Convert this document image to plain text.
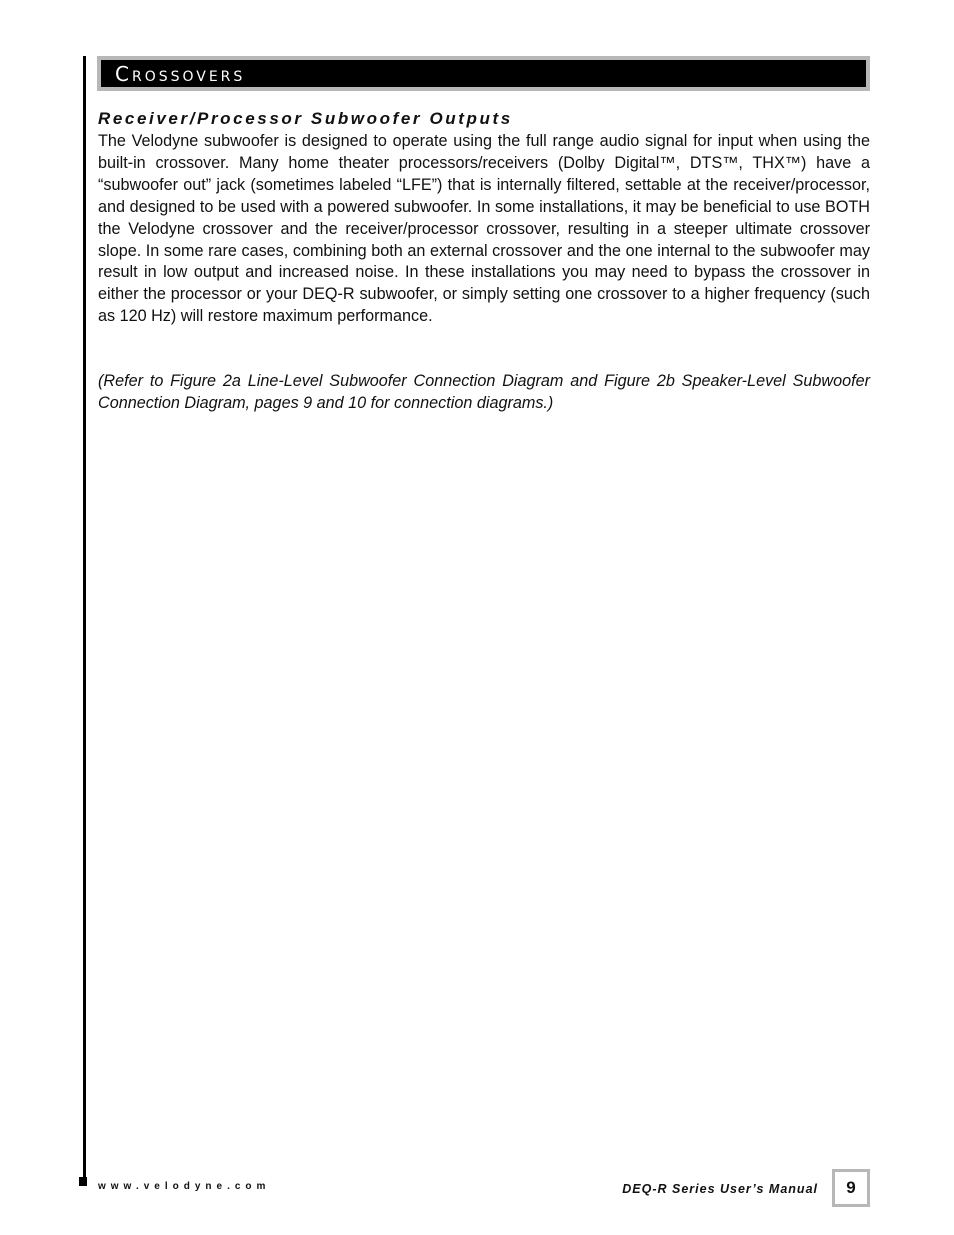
Crossovers
Receiver/Processor Subwoofer Outputs

The Velodyne subwoofer is designed to operate using the full range audio signal for input when using the built-in crossover. Many home theater processors/receivers (Dolby Digital™, DTS™, THX™) have a “subwoofer out” jack (sometimes labeled “LFE”) that is internally filtered, settable at the receiver/processor, and designed to be used with a powered subwoofer. In some installations, it may be beneficial to use BOTH the Velodyne crossover and the receiver/processor crossover, resulting in a steeper ultimate crossover slope. In some rare cases, combining both an external crossover and the one internal to the subwoofer may result in low output and increased noise. In these installations you may need to bypass the crossover in either the processor or your DEQ-R subwoofer, or simply setting one crossover to a higher frequency (such as 120 Hz) will restore maximum performance.

(Refer to Figure 2a Line-Level Subwoofer Connection Diagram and Figure 2b Speaker-Level Subwoofer Connection Diagram, pages 9 and 10 for connection diagrams.)

www.velodyne.com	DEQ-R Series User’s Manual 9
